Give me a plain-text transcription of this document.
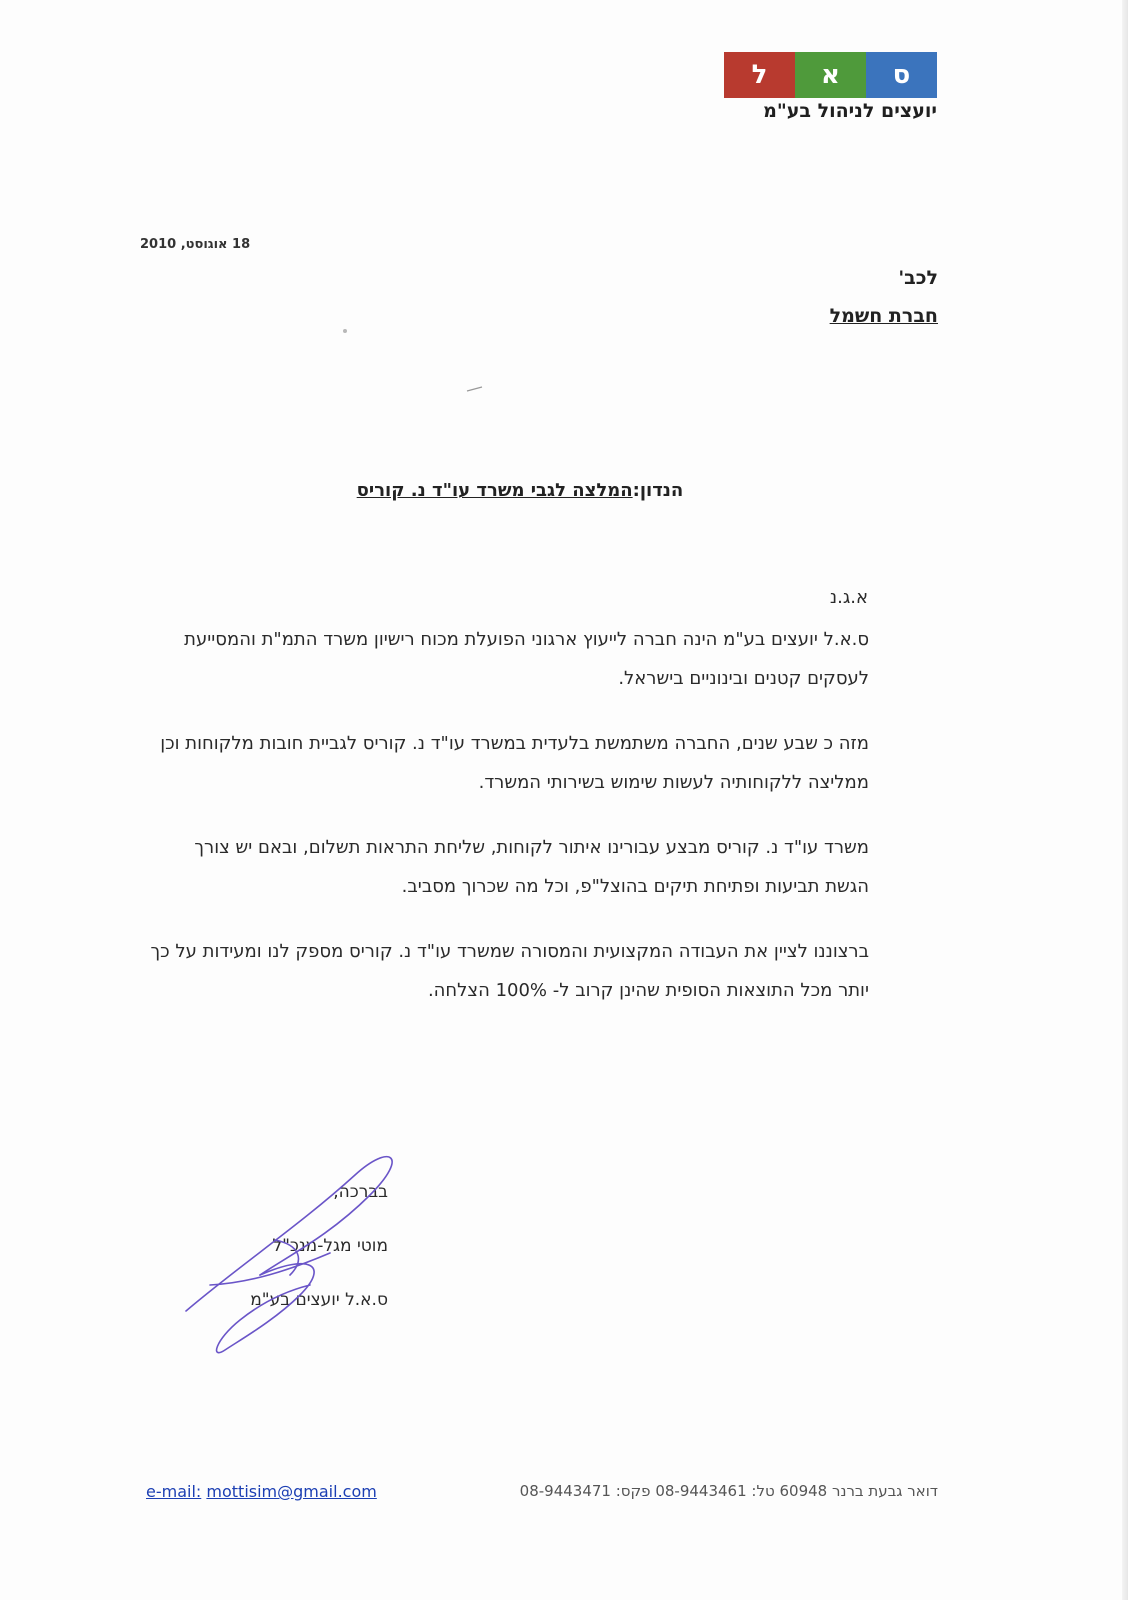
ל	א	ס
יועצים לניהול בע"מ
18 אוגוסט, 2010
לכב'
חברת חשמל
הנדון:המלצה לגבי משרד עו"ד נ. קוריס
א.ג.נ

ס.א.ל יועצים בע"מ הינה חברה לייעוץ ארגוני הפועלת מכוח רישיון משרד התמ"ת והמסייעת לעסקים קטנים ובינוניים בישראל.

מזה כ שבע שנים, החברה משתמשת בלעדית במשרד עו"ד נ. קוריס לגביית חובות מלקוחות וכן ממליצה ללקוחותיה לעשות שימוש בשירותי המשרד.

משרד עו"ד נ. קוריס מבצע עבורינו איתור לקוחות, שליחת התראות תשלום, ובאם יש צורך הגשת תביעות ופתיחת תיקים בהוצל"פ, וכל מה שכרוך מסביב.

ברצוננו לציין את העבודה המקצועית והמסורה שמשרד עו"ד נ. קוריס מספק לנו ומעידות על כך יותר מכל התוצאות הסופית שהינן קרוב ל- 100% הצלחה.

בברכה,
מוטי מגל-מנכ"ל
ס.א.ל יועצים בע"מ
דואר גבעת ברנר 60948 טל: 08-9443461 פקס: 08-9443471
e-mail: mottisim@gmail.com
